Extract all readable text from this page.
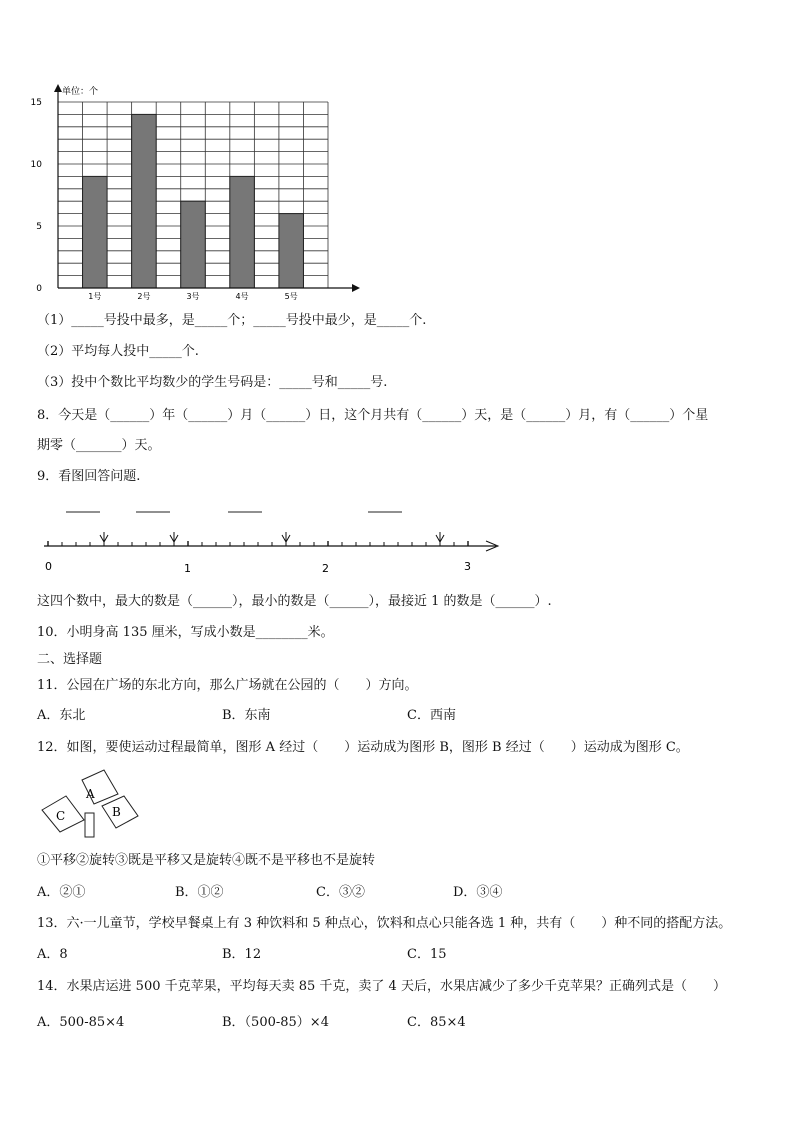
0
5
10
15
1号	2号	3号	4号	5号
单位：个
（1）_____号投中最多，是_____个；_____号投中最少，是_____个.
（2）平均每人投中_____个.
（3）投中个数比平均数少的学生号码是：_____号和_____号.
8．今天是（______）年（______）月（______）日，这个月共有（______）天，是（______）月，有（______）个星
期零（_______）天。
9．看图回答问题.
0	1	2	3
这四个数中，最大的数是（______），最小的数是（______），最接近 1 的数是（______）.
10．小明身高 135 厘米，写成小数是________米。
二、选择题
11．公园在广场的东北方向，那么广场就在公园的（　　）方向。
A．东北	B．东南	C．西南
12．如图，要使运动过程最简单，图形 A 经过（　　）运动成为图形 B，图形 B 经过（　　）运动成为图形 C。
A
B
C
①平移②旋转③既是平移又是旋转④既不是平移也不是旋转
A．②①	B．①②	C．③②	D．③④
13．六·一儿童节，学校早餐桌上有 3 种饮料和 5 种点心，饮料和点心只能各选 1 种，共有（　　）种不同的搭配方法。
A．8	B．12	C．15
14．水果店运进 500 千克苹果，平均每天卖 85 千克，卖了 4 天后，水果店减少了多少千克苹果？正确列式是（　　）
A．500-85×4	B．（500-85）×4	C．85×4
